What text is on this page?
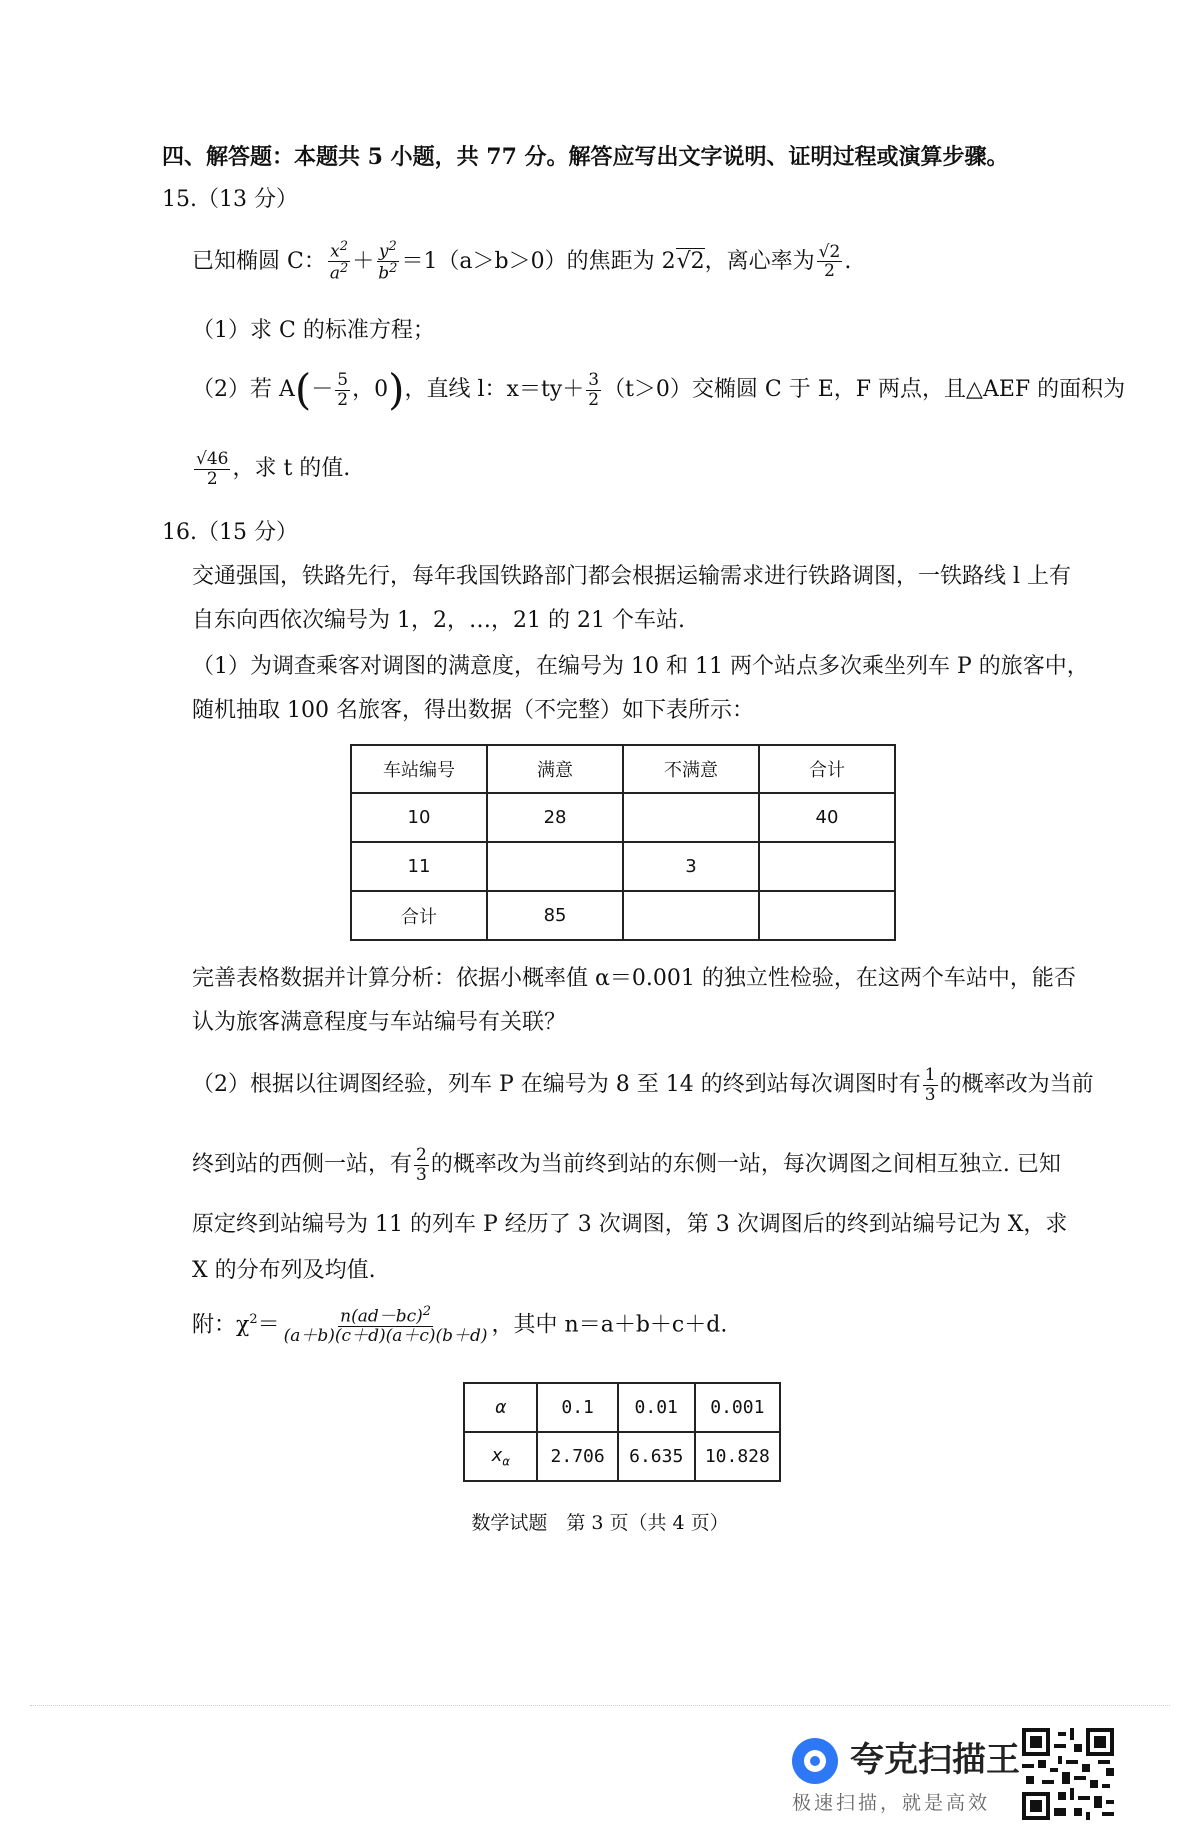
四、解答题：本题共 5 小题，共 77 分。解答应写出文字说明、证明过程或演算步骤。
15.（13 分）
已知椭圆 C： $\frac{x^2}{a^2} + \frac{y^2}{b^2} =1(a>b>0)$的焦距为 2√2，离心率为 $\frac{√2}{2}$ .
（1）求 C 的标准方程；
（2）若 $A(- \frac{5}{2}$ ，0)，直线 l：$x=ty+ \frac{3}{2} (t>0)$交椭圆 C 于 E，F 两点，且△AEF 的面积为
$\frac{√46}{2}$ ，求 t 的值.
16.（15 分）
交通强国，铁路先行，每年我国铁路部门都会根据运输需求进行铁路调图，一铁路线 l 上有
自东向西依次编号为 1，2，…，21 的 21 个车站.
（1）为调查乘客对调图的满意度，在编号为 10 和 11 两个站点多次乘坐列车 P 的旅客中，
随机抽取 100 名旅客，得出数据（不完整）如下表所示：
车站编号	满意	不满意	合计
10	28		40
11		3	
合计	85		
完善表格数据并计算分析：依据小概率值 α＝0.001 的独立性检验，在这两个车站中，能否
认为旅客满意程度与车站编号有关联？
（2）根据以往调图经验，列车 P 在编号为 8 至 14 的终到站每次调图时有 $\frac{1}{3}$ 的概率改为当前
终到站的西侧一站，有 $\frac{2}{3}$ 的概率改为当前终到站的东侧一站，每次调图之间相互独立. 已知
原定终到站编号为 11 的列车 P 经历了 3 次调图，第 3 次调图后的终到站编号记为 X，求
X 的分布列及均值.
附：$\chi^2= \frac{n(ad-bc)^2}{(a+b)(c+d)(a+c)(b+d)}$ ，其中 n＝a＋b＋c＋d.
α	0.1	0.01	0.001
$x_\alpha$	2.706	6.635	10.828
数学试题　第 3 页（共 4 页）
夸克扫描王
极速扫描，就是高效
